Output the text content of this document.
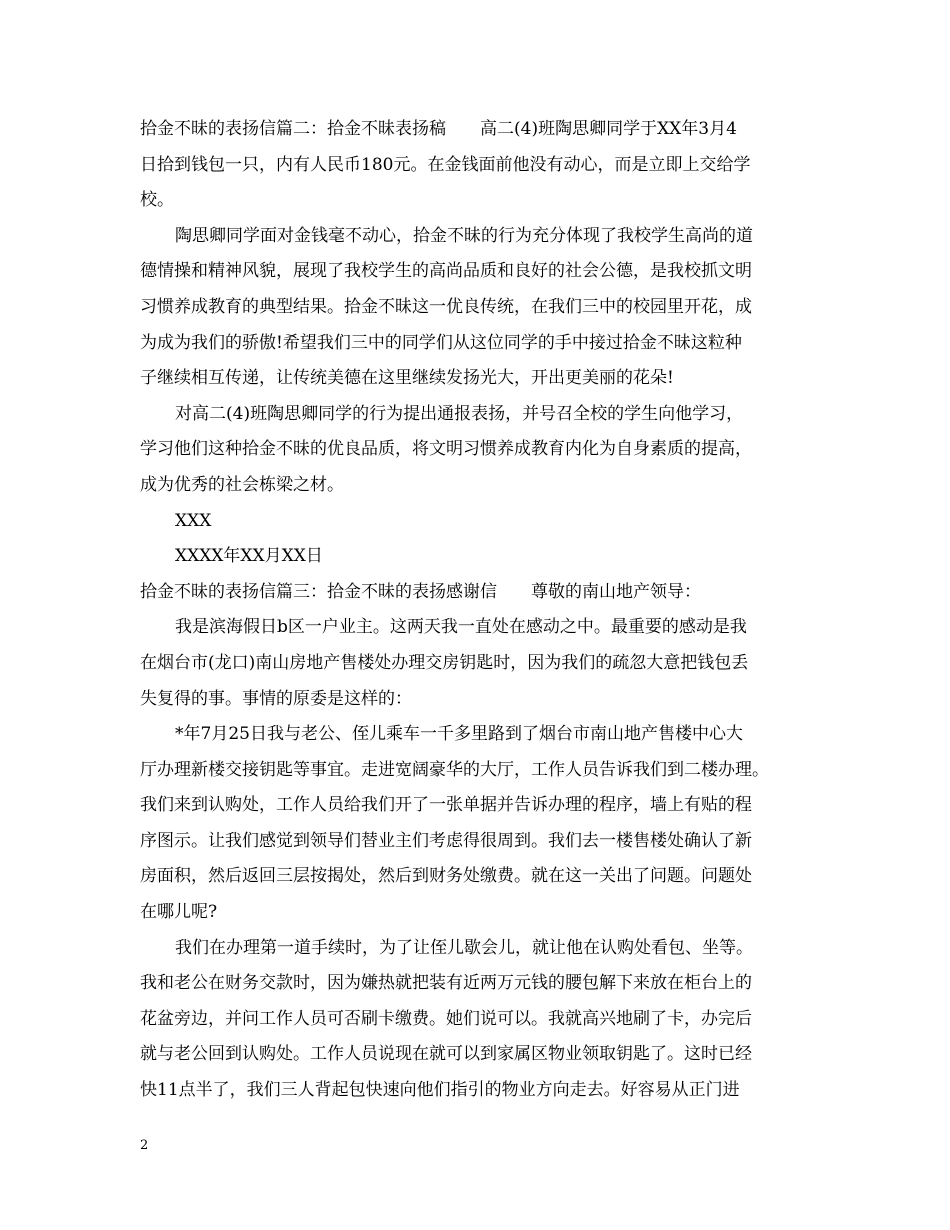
拾金不昧的表扬信篇二：拾金不昧表扬稿　　高二(4)班陶思卿同学于XX年3月4
日拾到钱包一只，内有人民币180元。在金钱面前他没有动心，而是立即上交给学
校。
陶思卿同学面对金钱毫不动心，拾金不昧的行为充分体现了我校学生高尚的道
德情操和精神风貌，展现了我校学生的高尚品质和良好的社会公德，是我校抓文明
习惯养成教育的典型结果。拾金不昧这一优良传统，在我们三中的校园里开花，成
为成为我们的骄傲!希望我们三中的同学们从这位同学的手中接过拾金不昧这粒种
子继续相互传递，让传统美德在这里继续发扬光大，开出更美丽的花朵!
对高二(4)班陶思卿同学的行为提出通报表扬，并号召全校的学生向他学习，
学习他们这种拾金不昧的优良品质，将文明习惯养成教育内化为自身素质的提高，
成为优秀的社会栋梁之材。
XXX
XXXX年XX月XX日
拾金不昧的表扬信篇三：拾金不昧的表扬感谢信　　尊敬的南山地产领导：
我是滨海假日b区一户业主。这两天我一直处在感动之中。最重要的感动是我
在烟台市(龙口)南山房地产售楼处办理交房钥匙时，因为我们的疏忽大意把钱包丢
失复得的事。事情的原委是这样的：
*年7月25日我与老公、侄儿乘车一千多里路到了烟台市南山地产售楼中心大
厅办理新楼交接钥匙等事宜。走进宽阔豪华的大厅，工作人员告诉我们到二楼办理。
我们来到认购处，工作人员给我们开了一张单据并告诉办理的程序，墙上有贴的程
序图示。让我们感觉到领导们替业主们考虑得很周到。我们去一楼售楼处确认了新
房面积，然后返回三层按揭处，然后到财务处缴费。就在这一关出了问题。问题处
在哪儿呢?
我们在办理第一道手续时，为了让侄儿歇会儿，就让他在认购处看包、坐等。
我和老公在财务交款时，因为嫌热就把装有近两万元钱的腰包解下来放在柜台上的
花盆旁边，并问工作人员可否刷卡缴费。她们说可以。我就高兴地刷了卡，办完后
就与老公回到认购处。工作人员说现在就可以到家属区物业领取钥匙了。这时已经
快11点半了，我们三人背起包快速向他们指引的物业方向走去。好容易从正门进
2
